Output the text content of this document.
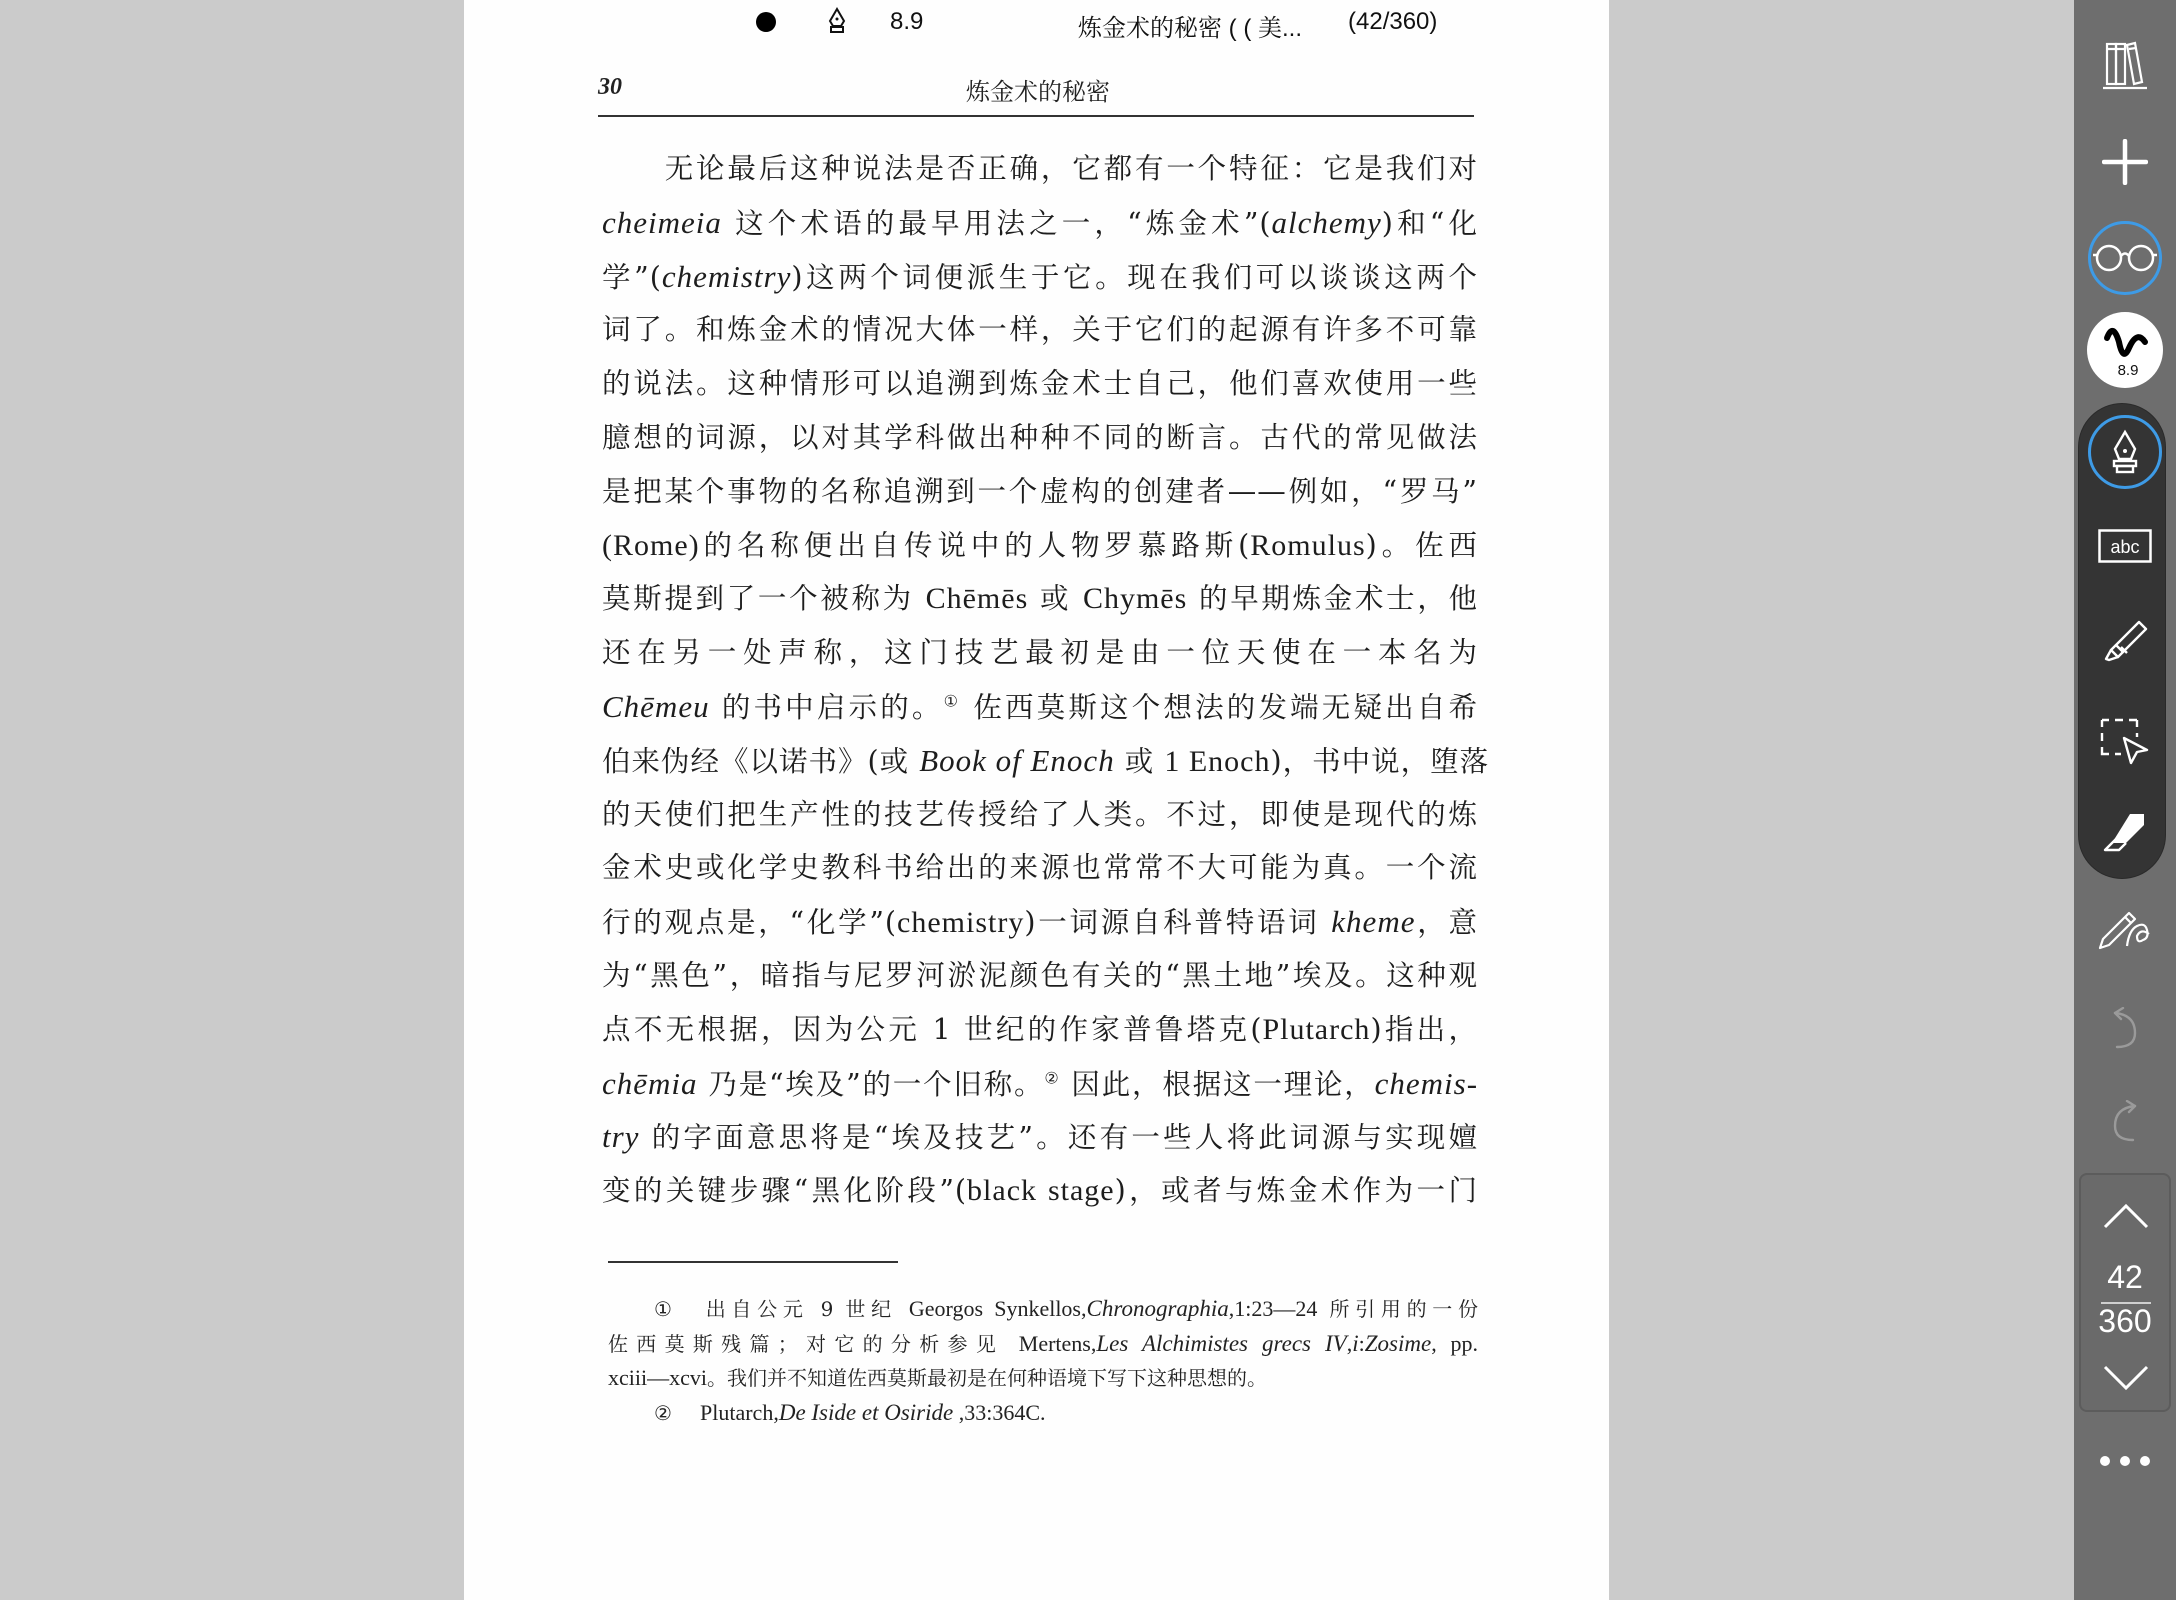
8.9	炼金术的秘密 ( ( 美... (42/360)
30	炼金术的秘密
　　无论最后这种说法是否正确，它都有一个特征：它是我们对
cheimeia 这个术语的最早用法之一，“炼金术”(alchemy)和“化
学”(chemistry)这两个词便派生于它。现在我们可以谈谈这两个
词了。和炼金术的情况大体一样，关于它们的起源有许多不可靠
的说法。这种情形可以追溯到炼金术士自己，他们喜欢使用一些
臆想的词源，以对其学科做出种种不同的断言。古代的常见做法
是把某个事物的名称追溯到一个虚构的创建者——例如，“罗马”
(Rome)的名称便出自传说中的人物罗慕路斯(Romulus)。佐西
莫斯提到了一个被称为 Chēmēs 或 Chymēs 的早期炼金术士，他
还在另一处声称，这门技艺最初是由一位天使在一本名为
Chēmeu 的书中启示的。① 佐西莫斯这个想法的发端无疑出自希
伯来伪经《以诺书》(或 Book of Enoch 或 1 Enoch)，书中说，堕落
的天使们把生产性的技艺传授给了人类。不过，即使是现代的炼
金术史或化学史教科书给出的来源也常常不大可能为真。一个流
行的观点是，“化学”(chemistry)一词源自科普特语词 kheme，意
为“黑色”，暗指与尼罗河淤泥颜色有关的“黑土地”埃及。这种观
点不无根据，因为公元 1 世纪的作家普鲁塔克(Plutarch)指出，
chēmia 乃是“埃及”的一个旧称。② 因此，根据这一理论，chemis-
try 的字面意思将是“埃及技艺”。还有一些人将此词源与实现嬗
变的关键步骤“黑化阶段”(black stage)，或者与炼金术作为一门
① 出自公元 9 世纪 Georgos Synkellos,Chronographia,1:23—24 所引用的一份
佐西莫斯残篇；对它的分析参见 Mertens,Les Alchimistes grecs IV,i:Zosime, pp.
xciii—xcvi。我们并不知道佐西莫斯最初是在何种语境下写下这种思想的。
② Plutarch,De Iside et Osiride ,33:364C.
8.9
abc
42
360
